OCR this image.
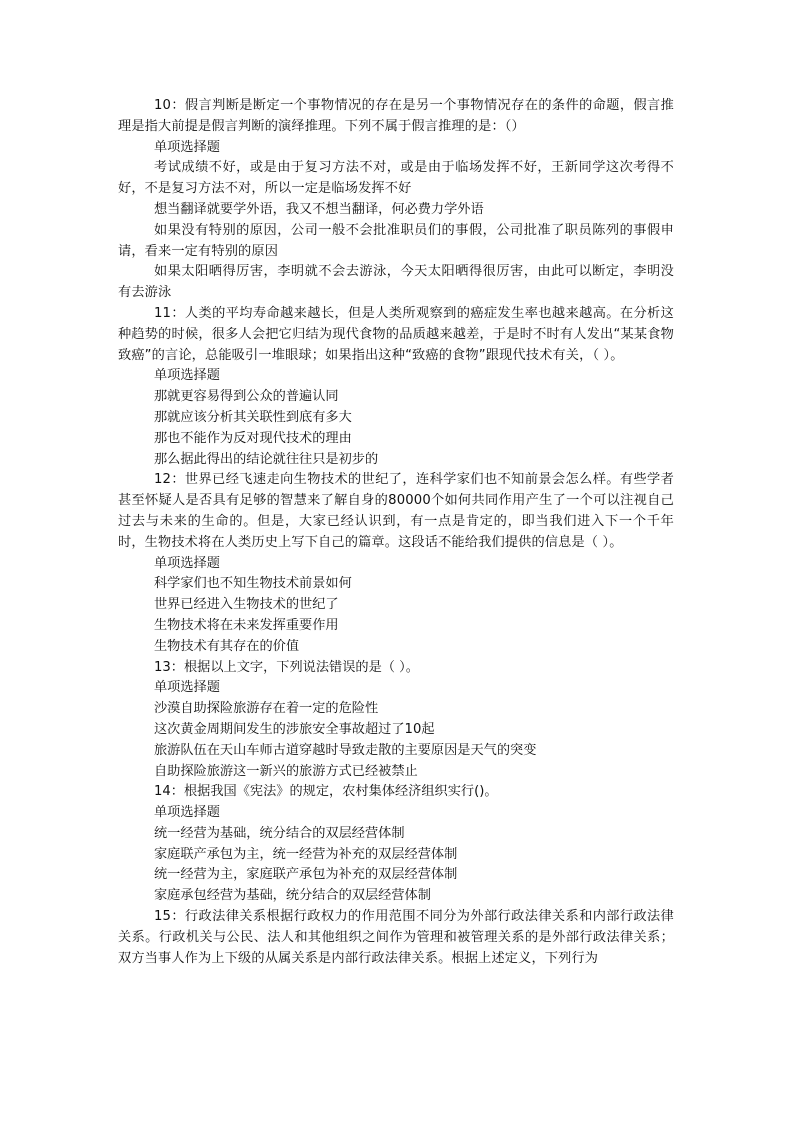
10：假言判断是断定一个事物情况的存在是另一个事物情况存在的条件的命题，假言推理是指大前提是假言判断的演绎推理。下列不属于假言推理的是：（）

单项选择题

考试成绩不好，或是由于复习方法不对，或是由于临场发挥不好，王新同学这次考得不好，不是复习方法不对，所以一定是临场发挥不好

想当翻译就要学外语，我又不想当翻译，何必费力学外语

如果没有特别的原因，公司一般不会批准职员们的事假，公司批准了职员陈列的事假申请，看来一定有特别的原因

如果太阳晒得厉害，李明就不会去游泳，今天太阳晒得很厉害，由此可以断定，李明没有去游泳

11：人类的平均寿命越来越长，但是人类所观察到的癌症发生率也越来越高。在分析这种趋势的时候，很多人会把它归结为现代食物的品质越来越差，于是时不时有人发出“某某食物致癌”的言论，总能吸引一堆眼球；如果指出这种“致癌的食物”跟现代技术有关，（ ）。

单项选择题

那就更容易得到公众的普遍认同

那就应该分析其关联性到底有多大

那也不能作为反对现代技术的理由

那么据此得出的结论就往往只是初步的

12：世界已经飞速走向生物技术的世纪了，连科学家们也不知前景会怎么样。有些学者甚至怀疑人是否具有足够的智慧来了解自身的80000个如何共同作用产生了一个可以注视自己过去与未来的生命的。但是，大家已经认识到，有一点是肯定的，即当我们进入下一个千年时，生物技术将在人类历史上写下自己的篇章。这段话不能给我们提供的信息是（ ）。

单项选择题

科学家们也不知生物技术前景如何

世界已经进入生物技术的世纪了

生物技术将在未来发挥重要作用

生物技术有其存在的价值

13：根据以上文字，下列说法错误的是（ ）。

单项选择题

沙漠自助探险旅游存在着一定的危险性

这次黄金周期间发生的涉旅安全事故超过了10起

旅游队伍在天山车师古道穿越时导致走散的主要原因是天气的突变

自助探险旅游这一新兴的旅游方式已经被禁止

14：根据我国《宪法》的规定，农村集体经济组织实行()。

单项选择题

统一经营为基础，统分结合的双层经营体制

家庭联产承包为主，统一经营为补充的双层经营体制

统一经营为主，家庭联产承包为补充的双层经营体制

家庭承包经营为基础，统分结合的双层经营体制

15：行政法律关系根据行政权力的作用范围不同分为外部行政法律关系和内部行政法律关系。行政机关与公民、法人和其他组织之间作为管理和被管理关系的是外部行政法律关系；双方当事人作为上下级的从属关系是内部行政法律关系。根据上述定义，下列行为
